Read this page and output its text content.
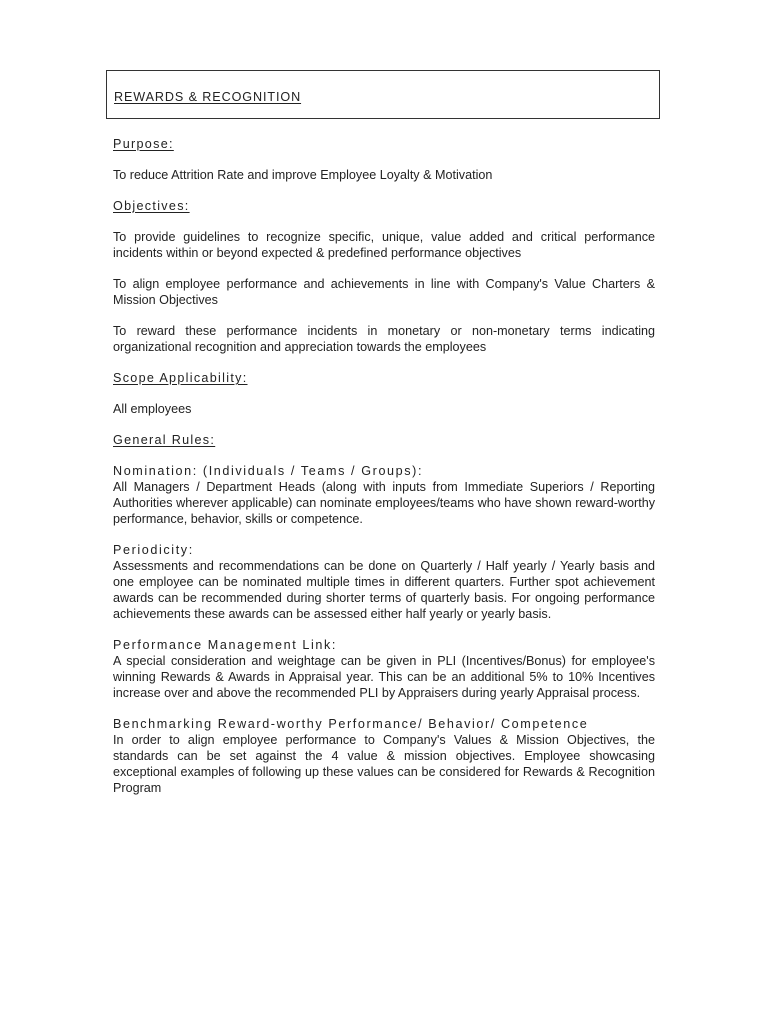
REWARDS & RECOGNITION
Purpose:
To reduce Attrition Rate and improve Employee Loyalty & Motivation
Objectives:
To provide guidelines to recognize specific, unique, value added and critical performance incidents within or beyond expected & predefined performance objectives
To align employee performance and achievements in line with Company's Value Charters & Mission Objectives
To reward these performance incidents in monetary or non-monetary terms indicating organizational recognition and appreciation towards the employees
Scope Applicability:
All employees
General Rules:
Nomination: (Individuals / Teams / Groups):
All Managers / Department Heads (along with inputs from Immediate Superiors / Reporting Authorities wherever applicable) can nominate employees/teams who have shown reward-worthy performance, behavior, skills or competence.
Periodicity:
Assessments and recommendations can be done on Quarterly / Half yearly / Yearly basis and one employee can be nominated multiple times in different quarters. Further spot achievement awards can be recommended during shorter terms of quarterly basis. For ongoing performance achievements these awards can be assessed either half yearly or yearly basis.
Performance Management Link:
A special consideration and weightage can be given in PLI (Incentives/Bonus) for employee's winning Rewards & Awards in Appraisal year. This can be an additional 5% to 10% Incentives increase over and above the recommended PLI by Appraisers during yearly Appraisal process.
Benchmarking Reward-worthy Performance/ Behavior/ Competence
In order to align employee performance to Company's Values & Mission Objectives, the standards can be set against the 4 value & mission objectives. Employee showcasing exceptional examples of following up these values can be considered for Rewards & Recognition Program
